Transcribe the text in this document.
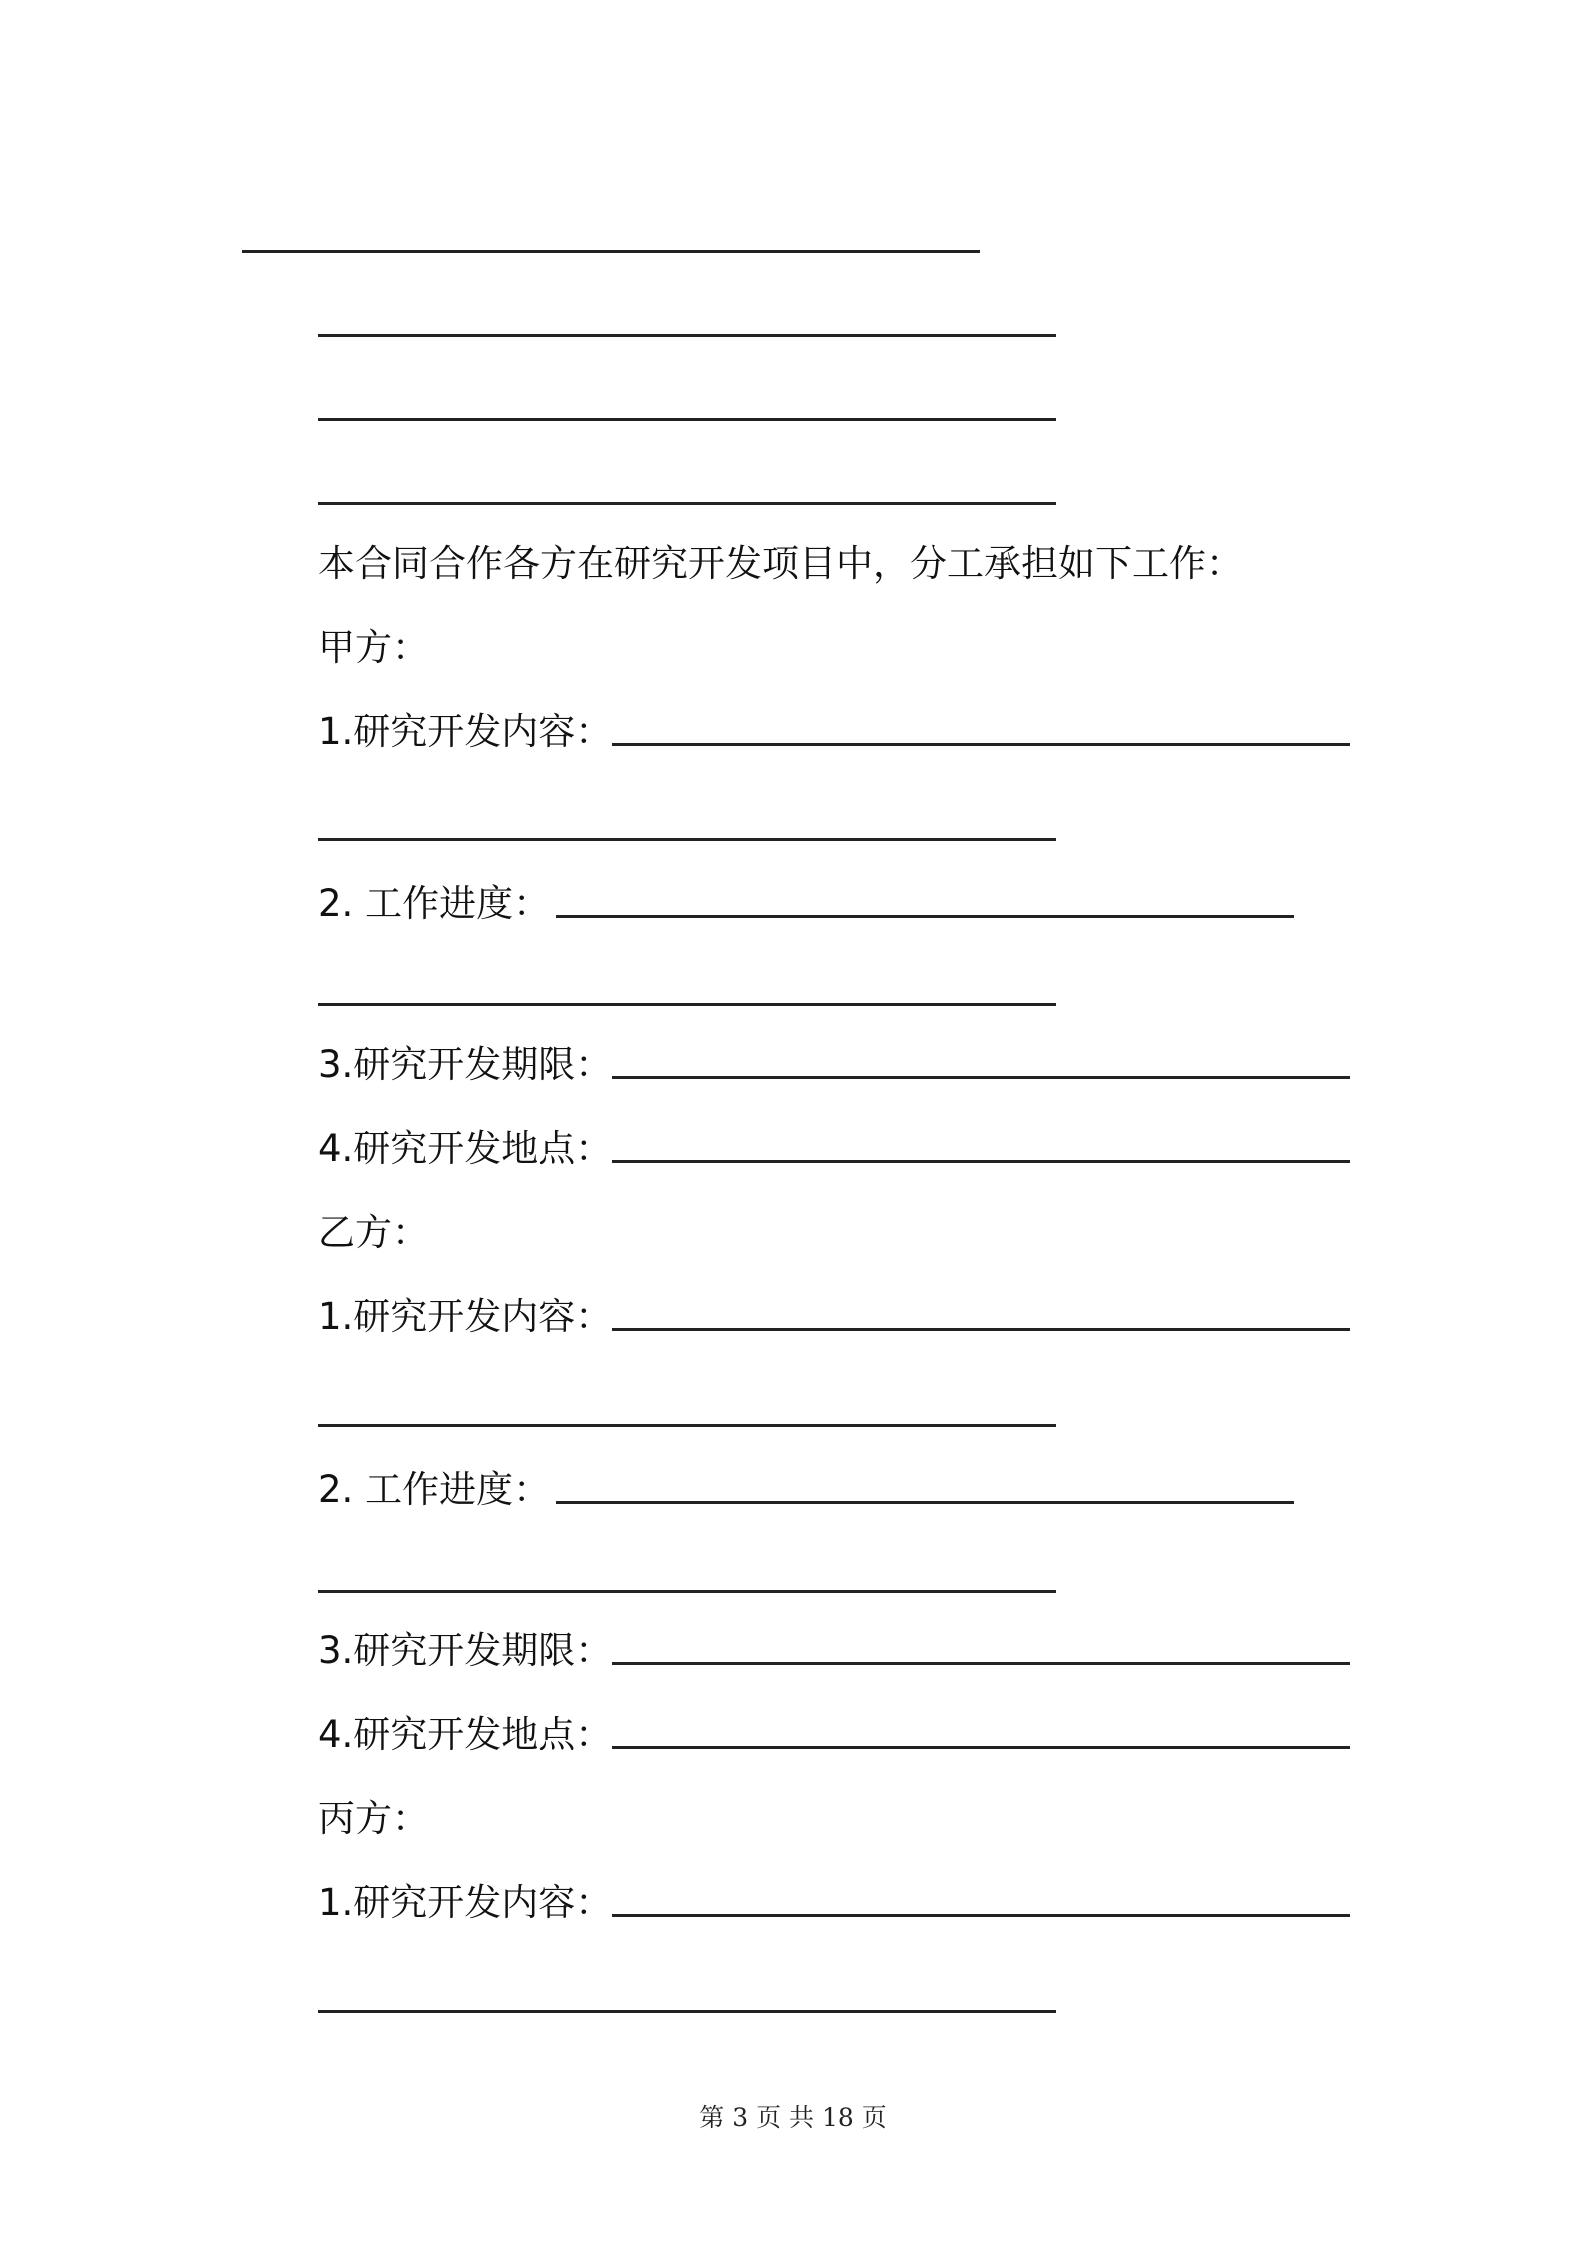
本合同合作各方在研究开发项目中，分工承担如下工作：
甲方：
1.研究开发内容：
2. 工作进度：
3.研究开发期限：
4.研究开发地点：
乙方：
1.研究开发内容：
2. 工作进度：
3.研究开发期限：
4.研究开发地点：
丙方：
1.研究开发内容：
第 3 页 共 18 页
